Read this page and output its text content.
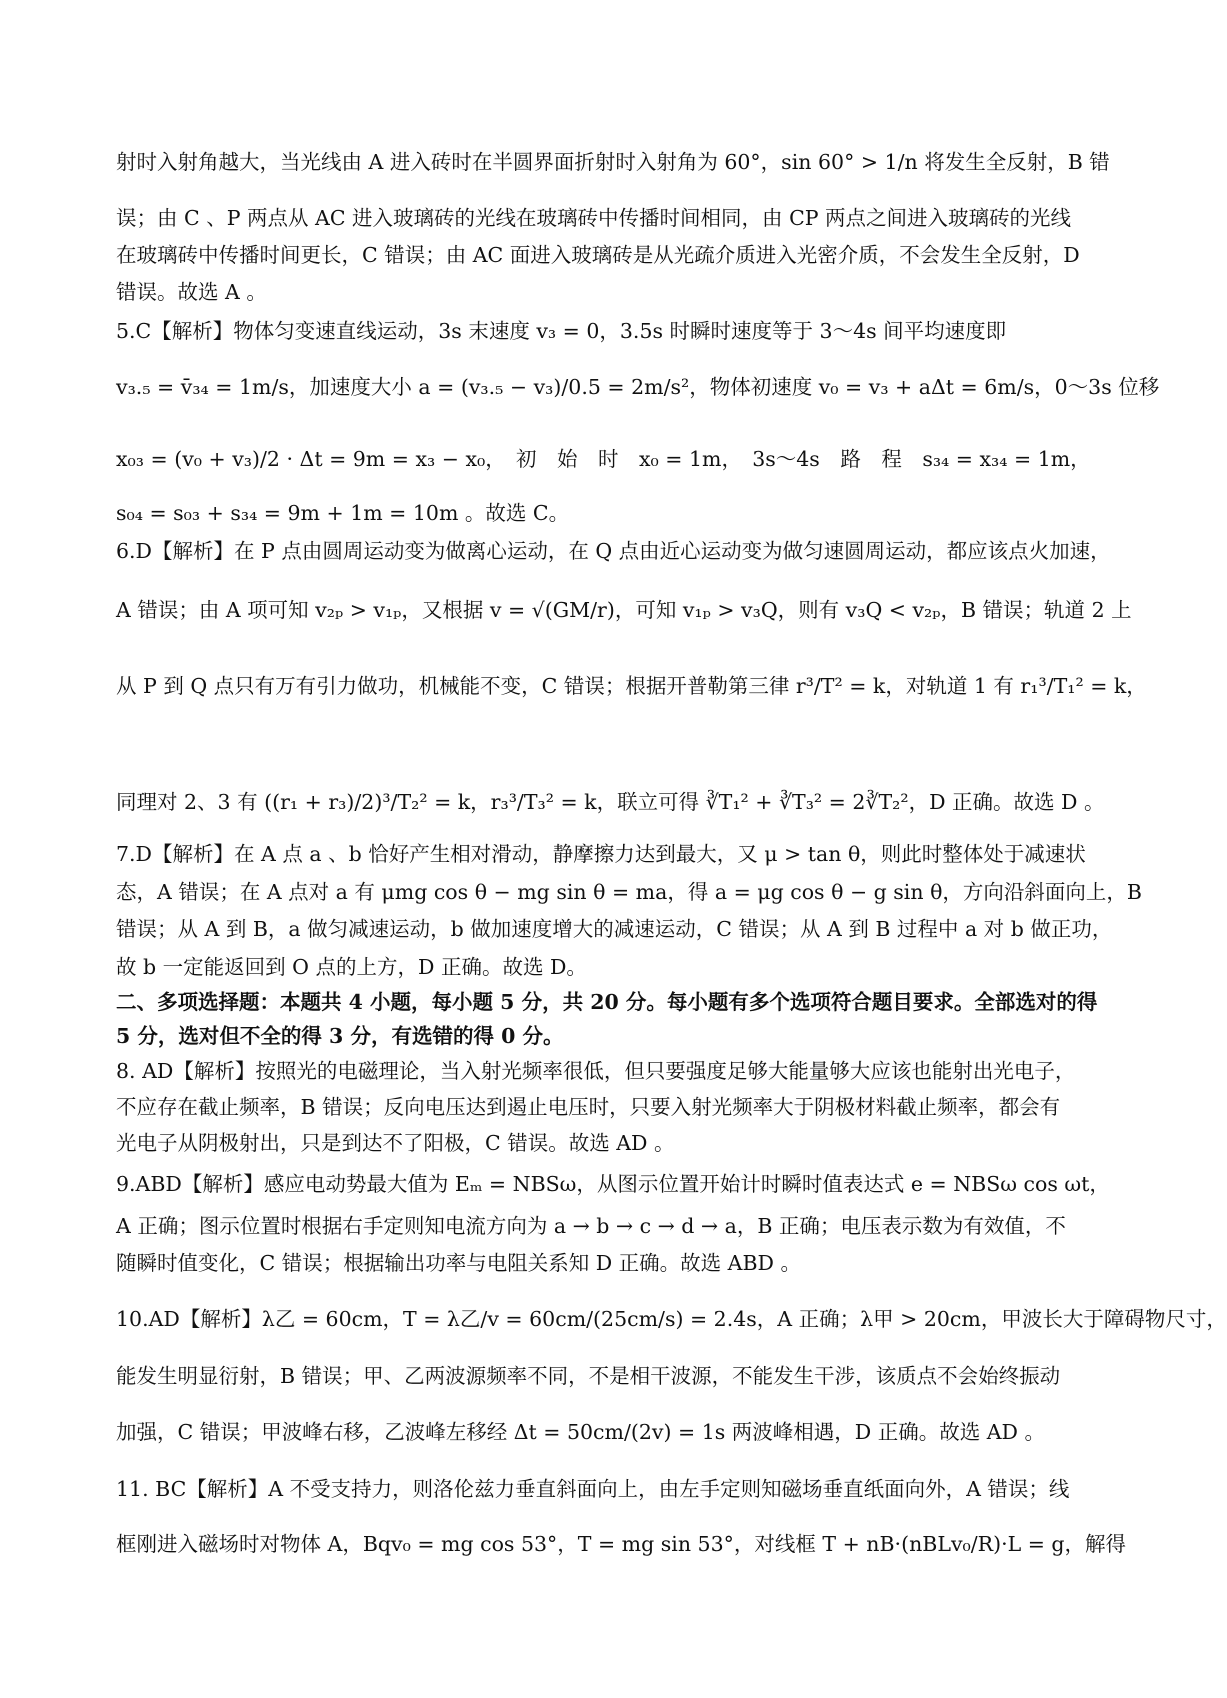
射时入射角越大，当光线由 A 进入砖时在半圆界面折射时入射角为 60°，sin 60° > 1/n 将发生全反射，B 错
误；由 C 、P 两点从 AC 进入玻璃砖的光线在玻璃砖中传播时间相同，由 CP 两点之间进入玻璃砖的光线
在玻璃砖中传播时间更长，C 错误；由 AC 面进入玻璃砖是从光疏介质进入光密介质，不会发生全反射，D
错误。故选 A 。
5.C【解析】物体匀变速直线运动，3s 末速度 v₃ = 0，3.5s 时瞬时速度等于 3～4s 间平均速度即
v₃.₅ = v̄₃₄ = 1m/s，加速度大小 a = (v₃.₅ − v₃)/0.5 = 2m/s²，物体初速度 v₀ = v₃ + aΔt = 6m/s，0～3s 位移
x₀₃ = (v₀ + v₃)/2 · Δt = 9m = x₃ − x₀，　初　始　时　x₀ = 1m，　3s～4s　路　程　s₃₄ = x₃₄ = 1m，
s₀₄ = s₀₃ + s₃₄ = 9m + 1m = 10m 。故选 C。
6.D【解析】在 P 点由圆周运动变为做离心运动，在 Q 点由近心运动变为做匀速圆周运动，都应该点火加速，
A 错误；由 A 项可知 v₂ₚ > v₁ₚ，又根据 v = √(GM/r)，可知 v₁ₚ > v₃Q，则有 v₃Q < v₂ₚ，B 错误；轨道 2 上
从 P 到 Q 点只有万有引力做功，机械能不变，C 错误；根据开普勒第三律 r³/T² = k，对轨道 1 有 r₁³/T₁² = k，
同理对 2、3 有 ((r₁ + r₃)/2)³/T₂² = k，r₃³/T₃² = k，联立可得 ∛T₁² + ∛T₃² = 2∛T₂²，D 正确。故选 D 。
7.D【解析】在 A 点 a 、b 恰好产生相对滑动，静摩擦力达到最大，又 μ > tan θ，则此时整体处于减速状
态，A 错误；在 A 点对 a 有 μmg cos θ − mg sin θ = ma，得 a = μg cos θ − g sin θ，方向沿斜面向上，B
错误；从 A 到 B，a 做匀减速运动，b 做加速度增大的减速运动，C 错误；从 A 到 B 过程中 a 对 b 做正功，
故 b 一定能返回到 O 点的上方，D 正确。故选 D。
二、多项选择题：本题共 4 小题，每小题 5 分，共 20 分。每小题有多个选项符合题目要求。全部选对的得
5 分，选对但不全的得 3 分，有选错的得 0 分。
8. AD【解析】按照光的电磁理论，当入射光频率很低，但只要强度足够大能量够大应该也能射出光电子，
不应存在截止频率，B 错误；反向电压达到遏止电压时，只要入射光频率大于阴极材料截止频率，都会有
光电子从阴极射出，只是到达不了阳极，C 错误。故选 AD 。
9.ABD【解析】感应电动势最大值为 Eₘ = NBSω，从图示位置开始计时瞬时值表达式 e = NBSω cos ωt，
A 正确；图示位置时根据右手定则知电流方向为 a → b → c → d → a，B 正确；电压表示数为有效值，不
随瞬时值变化，C 错误；根据输出功率与电阻关系知 D 正确。故选 ABD 。
10.AD【解析】λ乙 = 60cm，T = λ乙/v = 60cm/(25cm/s) = 2.4s，A 正确；λ甲 > 20cm，甲波长大于障碍物尺寸，
能发生明显衍射，B 错误；甲、乙两波源频率不同，不是相干波源，不能发生干涉，该质点不会始终振动
加强，C 错误；甲波峰右移，乙波峰左移经 Δt = 50cm/(2v) = 1s 两波峰相遇，D 正确。故选 AD 。
11. BC【解析】A 不受支持力，则洛伦兹力垂直斜面向上，由左手定则知磁场垂直纸面向外，A 错误；线
框刚进入磁场时对物体 A，Bqv₀ = mg cos 53°，T = mg sin 53°，对线框 T + nB·(nBLv₀/R)·L = g，解得
